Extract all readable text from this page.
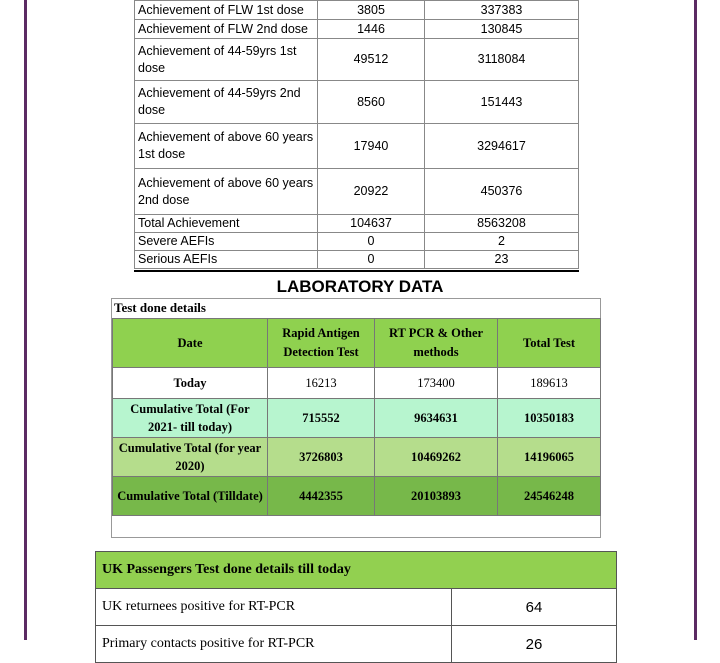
Achievement of FLW 1st dose	3805	337383
Achievement of FLW 2nd dose	1446	130845
Achievement of 44-59yrs 1st dose	49512	3118084
Achievement of 44-59yrs 2nd dose	8560	151443
Achievement of above 60 years 1st dose	17940	3294617
Achievement of above 60 years 2nd dose	20922	450376
Total Achievement	104637	8563208
Severe AEFIs	0	2
Serious AEFIs	0	23
LABORATORY DATA
Test done details
Date	Rapid Antigen Detection Test	RT PCR & Other methods	Total Test
Today	16213	173400	189613
Cumulative Total (For 2021- till today)	715552	9634631	10350183
Cumulative Total (for year 2020)	3726803	10469262	14196065
Cumulative Total (Tilldate)	4442355	20103893	24546248
UK Passengers Test done details till today	
UK returnees positive for RT-PCR	64
Primary contacts positive for RT-PCR	26
